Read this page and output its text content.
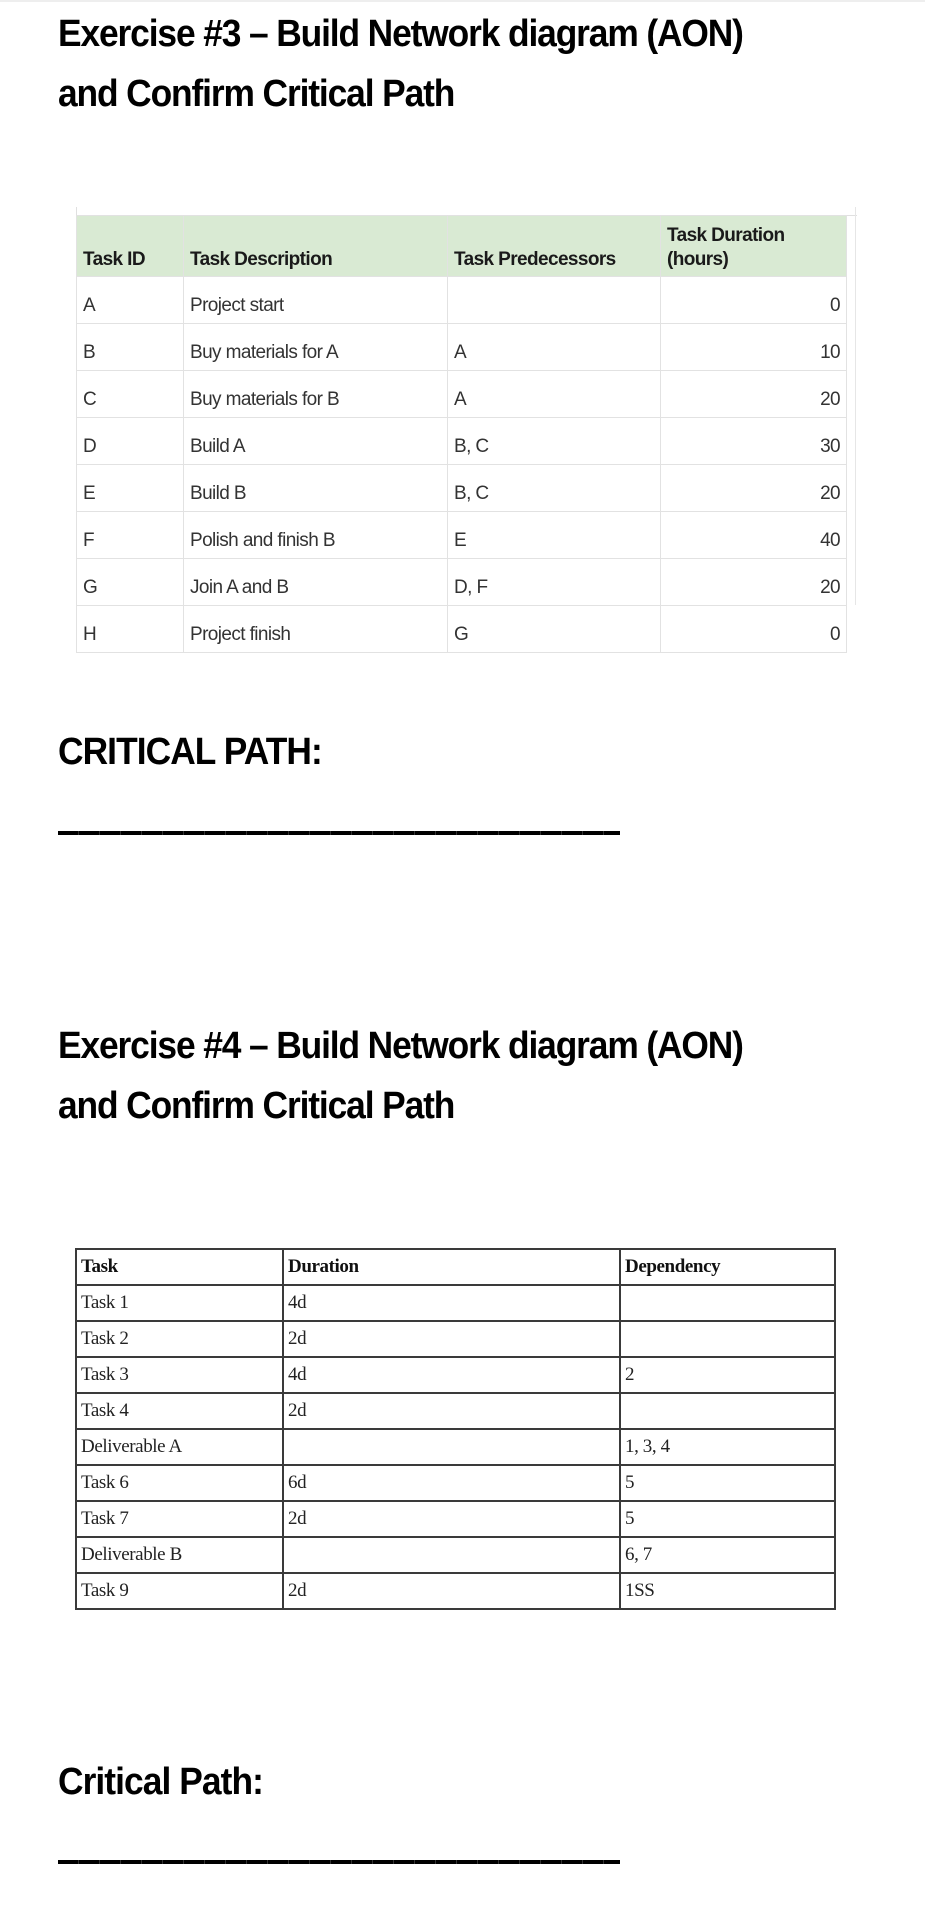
Exercise #3 – Build Network diagram (AON)
and Confirm Critical Path
Task ID	Task Description	Task Predecessors	Task Duration (hours)
A	Project start		0
B	Buy materials for A	A	10
C	Buy materials for B	A	20
D	Build A	B, C	30
E	Build B	B, C	20
F	Polish and finish B	E	40
G	Join A and B	D, F	20
H	Project finish	G	0
CRITICAL PATH:
Exercise #4 – Build Network diagram (AON)
and Confirm Critical Path
Task	Duration	Dependency
Task 1	4d	
Task 2	2d	
Task 3	4d	2
Task 4	2d	
Deliverable A		1, 3, 4
Task 6	6d	5
Task 7	2d	5
Deliverable B		6, 7
Task 9	2d	1SS
Critical Path:
